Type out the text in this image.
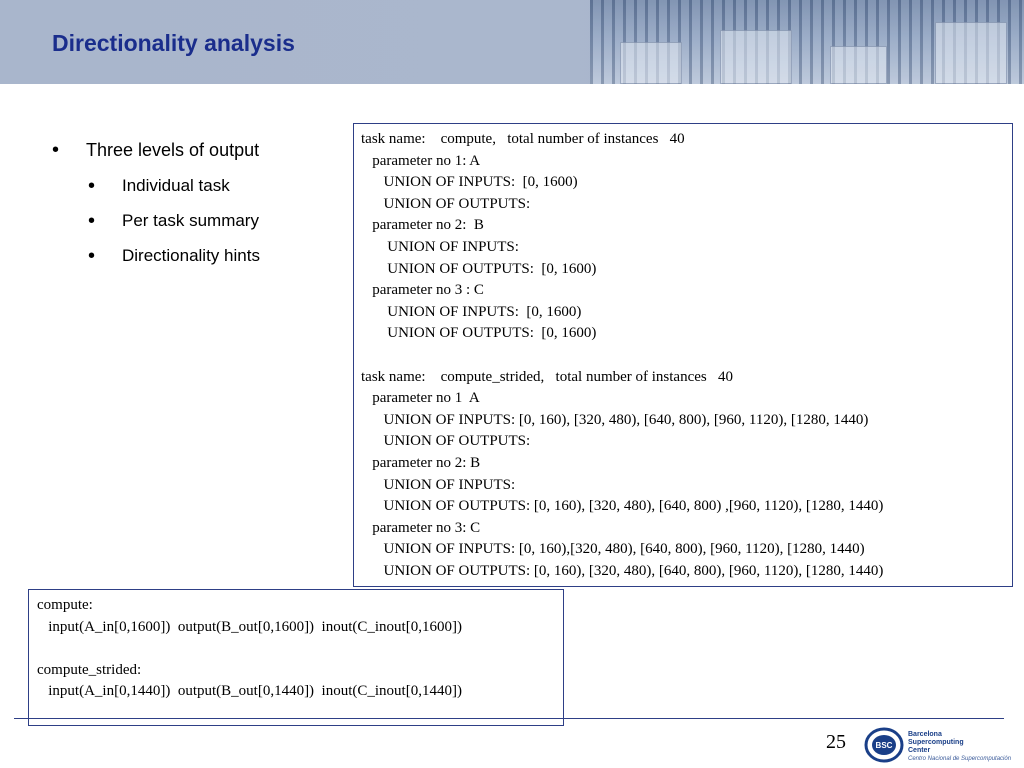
Directionality analysis
• Three levels of output
• Individual task
• Per task summary
• Directionality hints
task name:    compute,   total number of instances   40
parameter no 1: A
UNION OF INPUTS:  [0, 1600)
UNION OF OUTPUTS:
parameter no 2:  B
UNION OF INPUTS:
UNION OF OUTPUTS:  [0, 1600)
parameter no 3 : C
UNION OF INPUTS:  [0, 1600)
UNION OF OUTPUTS:  [0, 1600)
task name:    compute_strided,   total number of instances   40
parameter no 1  A
UNION OF INPUTS: [0, 160), [320, 480), [640, 800), [960, 1120), [1280, 1440)
UNION OF OUTPUTS:
parameter no 2: B
UNION OF INPUTS:
UNION OF OUTPUTS: [0, 160), [320, 480), [640, 800) ,[960, 1120), [1280, 1440)
parameter no 3: C
UNION OF INPUTS: [0, 160),[320, 480), [640, 800), [960, 1120), [1280, 1440)
UNION OF OUTPUTS: [0, 160), [320, 480), [640, 800), [960, 1120), [1280, 1440)
compute:
input(A_in[0,1600])  output(B_out[0,1600])  inout(C_inout[0,1600])
compute_strided:
input(A_in[0,1440])  output(B_out[0,1440])  inout(C_inout[0,1440])
25	BSC
Barcelona
Supercomputing
Center
Centro Nacional de Supercomputación
